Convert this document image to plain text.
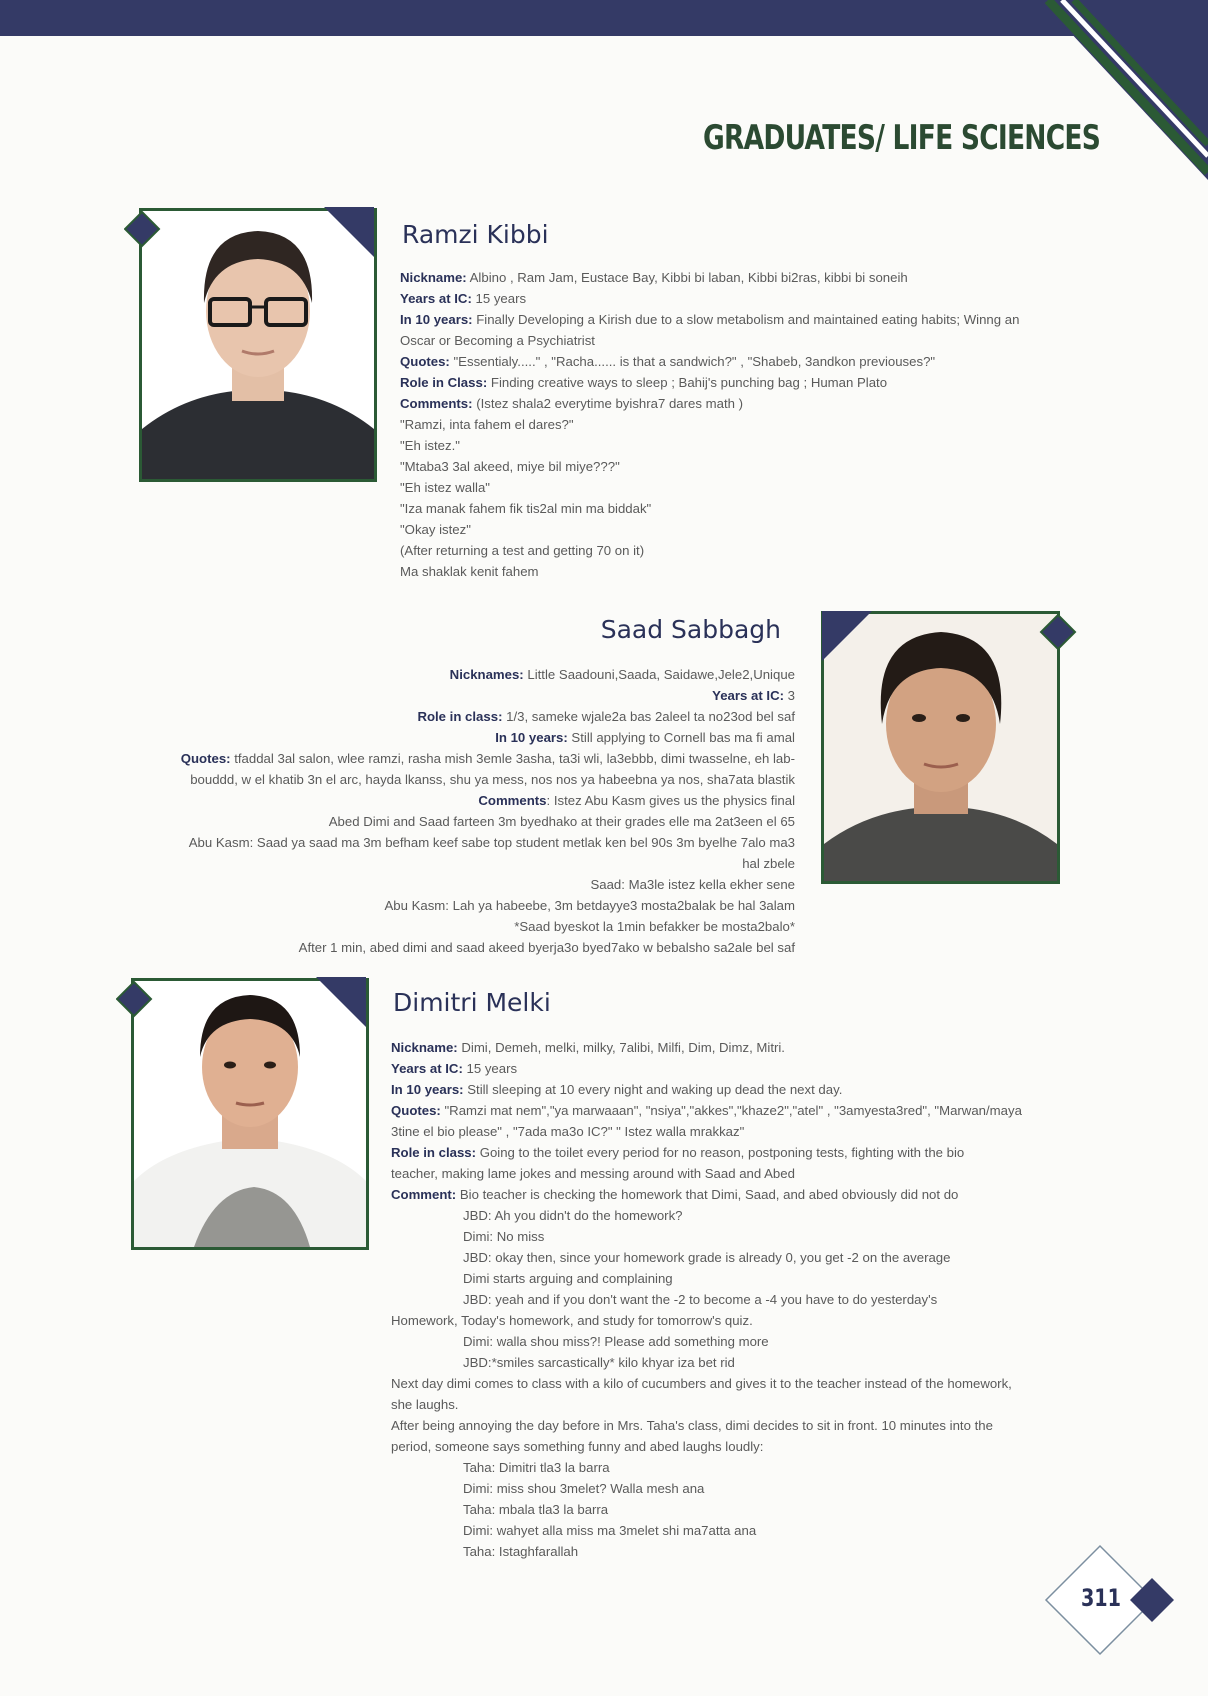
GRADUATES/ LIFE SCIENCES
Ramzi Kibbi
Nickname: Albino , Ram Jam, Eustace Bay, Kibbi bi laban, Kibbi bi2ras, kibbi bi soneih
Years at IC: 15 years
In 10 years: Finally Developing a Kirish due to a slow metabolism and maintained eating habits; Winng an
Oscar or Becoming a Psychiatrist
Quotes: "Essentialy....." , "Racha...... is that a sandwich?" , "Shabeb, 3andkon previouses?"
Role in Class: Finding creative ways to sleep ; Bahij's punching bag ; Human Plato
Comments: (Istez shala2 everytime byishra7 dares math )
"Ramzi, inta fahem el dares?"
"Eh istez."
"Mtaba3 3al akeed, miye bil miye???"
"Eh istez walla"
"Iza manak fahem fik tis2al min ma biddak"
"Okay istez"
(After returning a test and getting 70 on it)
Ma shaklak kenit fahem
Saad Sabbagh
Nicknames: Little Saadouni,Saada, Saidawe,Jele2,Unique
Years at IC: 3
Role in class: 1/3, sameke wjale2a bas 2aleel ta no23od bel saf
In 10 years: Still applying to Cornell bas ma fi amal
Quotes: tfaddal 3al salon, wlee ramzi, rasha mish 3emle 3asha, ta3i wli, la3ebbb, dimi twasselne, eh lab-
bouddd, w el khatib 3n el arc, hayda lkanss, shu ya mess, nos nos ya habeebna ya nos, sha7ata blastik
Comments: Istez Abu Kasm gives us the physics final
Abed Dimi and Saad farteen 3m byedhako at their grades elle ma 2at3een el 65
Abu Kasm: Saad ya saad ma 3m befham keef sabe top student metlak ken bel 90s 3m byelhe 7alo ma3
hal zbele
Saad: Ma3le istez kella ekher sene
Abu Kasm: Lah ya habeebe, 3m betdayye3 mosta2balak be hal 3alam
*Saad byeskot la 1min befakker be mosta2balo*
After 1 min, abed dimi and saad akeed byerja3o byed7ako w bebalsho sa2ale bel saf
Dimitri Melki
Nickname: Dimi, Demeh, melki, milky, 7alibi, Milfi, Dim, Dimz, Mitri.
Years at IC: 15 years
In 10 years: Still sleeping at 10 every night and waking up dead the next day.
Quotes: "Ramzi mat nem","ya marwaaan", "nsiya","akkes","khaze2","atel" , "3amyesta3red", "Marwan/maya
3tine el bio please" , "7ada ma3o IC?" " Istez walla mrakkaz"
Role in class: Going to the toilet every period for no reason, postponing tests, fighting with the bio
teacher, making lame jokes and messing around with Saad and Abed
Comment: Bio teacher is checking the homework that Dimi, Saad, and abed obviously did not do
JBD: Ah you didn't do the homework?
Dimi: No miss
JBD: okay then, since your homework grade is already 0, you get -2 on the average
Dimi starts arguing and complaining
JBD: yeah and if you don't want the -2 to become a -4 you have to do yesterday's
Homework, Today's homework, and study for tomorrow's quiz.
Dimi: walla shou miss?! Please add something more
JBD:*smiles sarcastically* kilo khyar iza bet rid
Next day dimi comes to class with a kilo of cucumbers and gives it to the teacher instead of the homework,
she laughs.
After being annoying the day before in Mrs. Taha's class, dimi decides to sit in front. 10 minutes into the
period, someone says something funny and abed laughs loudly:
Taha: Dimitri tla3 la barra
Dimi: miss shou 3melet? Walla mesh ana
Taha: mbala tla3 la barra
Dimi: wahyet alla miss ma 3melet shi ma7atta ana
Taha: Istaghfarallah
311
